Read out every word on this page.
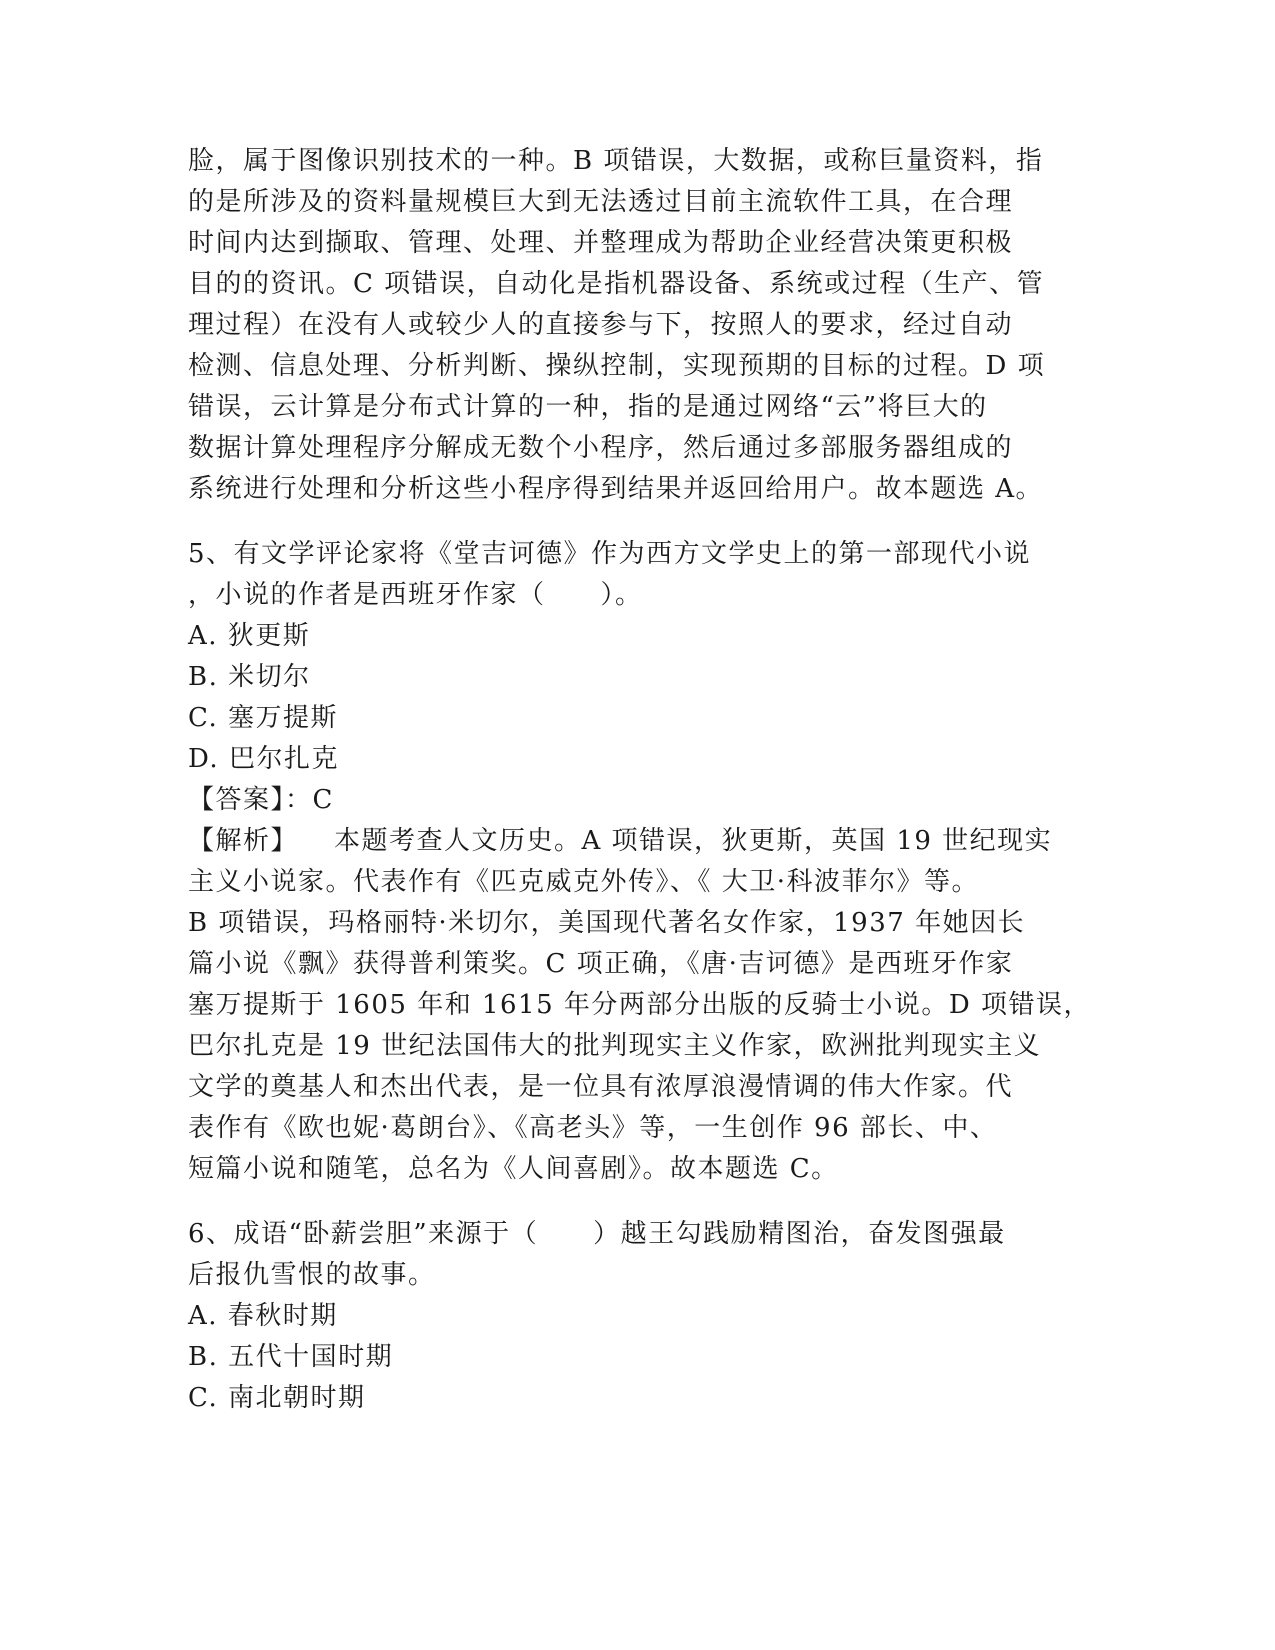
脸，属于图像识别技术的一种。B 项错误，大数据，或称巨量资料，指
的是所涉及的资料量规模巨大到无法透过目前主流软件工具，在合理
时间内达到撷取、管理、处理、并整理成为帮助企业经营决策更积极
目的的资讯。C 项错误，自动化是指机器设备、系统或过程（生产、管
理过程）在没有人或较少人的直接参与下，按照人的要求，经过自动
检测、信息处理、分析判断、操纵控制，实现预期的目标的过程。D 项
错误，云计算是分布式计算的一种，指的是通过网络“云”将巨大的
数据计算处理程序分解成无数个小程序，然后通过多部服务器组成的
系统进行处理和分析这些小程序得到结果并返回给用户。故本题选 A。
5、有文学评论家将《堂吉诃德》作为西方文学史上的第一部现代小说
，小说的作者是西班牙作家（　　）。
A. 狄更斯
B. 米切尔
C. 塞万提斯
D. 巴尔扎克
【答案】：C
【解析】 本题考查人文历史。A 项错误，狄更斯，英国 19 世纪现实
主义小说家。代表作有《匹克威克外传》、《 大卫·科波菲尔》等。
B 项错误，玛格丽特·米切尔，美国现代著名女作家，1937 年她因长
篇小说《飘》获得普利策奖。C 项正确，《唐·吉诃德》是西班牙作家
塞万提斯于 1605 年和 1615 年分两部分出版的反骑士小说。D 项错误，
巴尔扎克是 19 世纪法国伟大的批判现实主义作家，欧洲批判现实主义
文学的奠基人和杰出代表，是一位具有浓厚浪漫情调的伟大作家。代
表作有《欧也妮·葛朗台》、《高老头》等，一生创作 96 部长、中、
短篇小说和随笔，总名为《人间喜剧》。故本题选 C。
6、成语“卧薪尝胆”来源于（　　）越王勾践励精图治，奋发图强最
后报仇雪恨的故事。
A. 春秋时期
B. 五代十国时期
C. 南北朝时期
